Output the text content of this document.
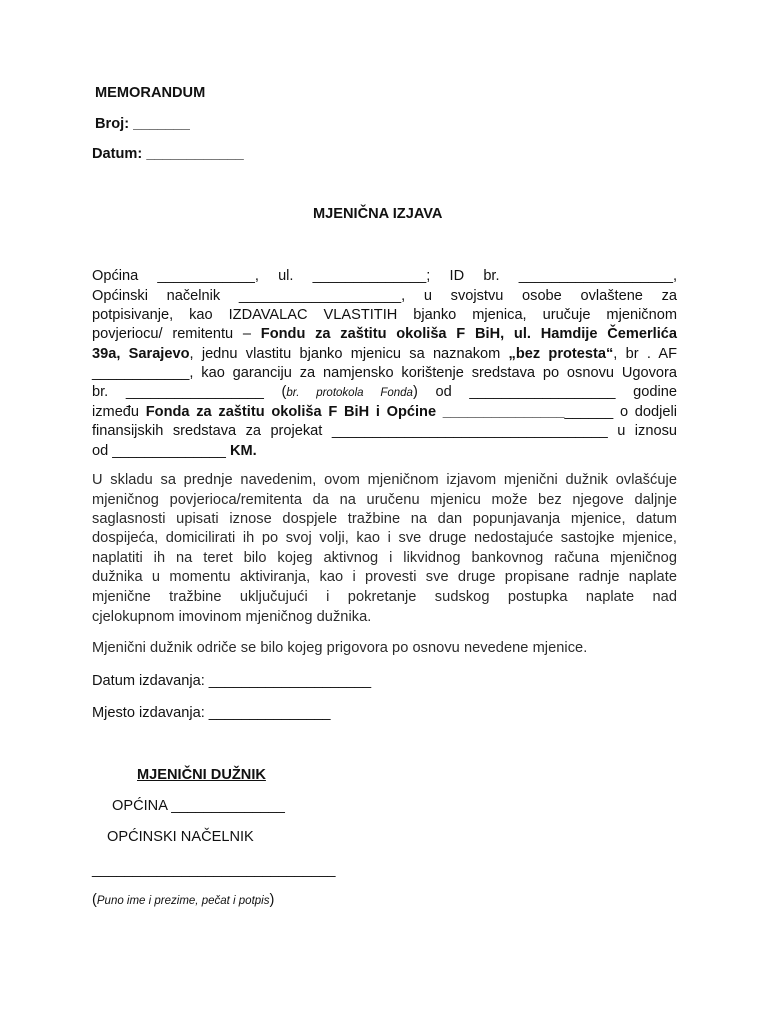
MEMORANDUM
Broj: _______
Datum: ____________
MJENIČNA IZJAVA
Općina ____________, ul. ______________; ID br. ___________________,
Općinski načelnik ____________________, u svojstvu osobe ovlaštene za
potpisivanje, kao IZDAVALAC VLASTITIH bjanko mjenica, uručuje mjeničnom
povjeriocu/ remitentu – Fondu za zaštitu okoliša F BiH, ul. Hamdije Čemerlića
39a, Sarajevo, jednu vlastitu bjanko mjenicu sa naznakom „bez protesta“, br . AF
____________, kao garanciju za namjensko korištenje sredstava po osnovu Ugovora
br. _________________ (br. protokola Fonda) od __________________ godine
između Fonda za zaštitu okoliša F BiH i Općine _____________________ o dodjeli
finansijskih sredstava za projekat __________________________________ u iznosu
od ______________ KM.
U skladu sa prednje navedenim, ovom mjeničnom izjavom mjenični dužnik ovlašćuje
mjeničnog povjerioca/remitenta da na uručenu mjenicu može bez njegove daljnje
saglasnosti upisati iznose dospjele tražbine na dan popunjavanja mjenice, datum
dospijeća, domicilirati ih po svoj volji, kao i sve druge nedostajuće sastojke mjenice,
naplatiti ih na teret bilo kojeg aktivnog i likvidnog bankovnog računa mjeničnog
dužnika u momentu aktiviranja, kao i provesti sve druge propisane radnje naplate
mjenične tražbine uključujući i pokretanje sudskog postupka naplate nad
cjelokupnom imovinom mjeničnog dužnika.
Mjenični dužnik odriče se bilo kojeg prigovora po osnovu nevedene mjenice.
Datum izdavanja: ____________________
Mjesto izdavanja: _______________
MJENIČNI DUŽNIK
OPĆINA ______________
OPĆINSKI NAČELNIK
______________________________
(Puno ime i prezime, pečat i potpis)
